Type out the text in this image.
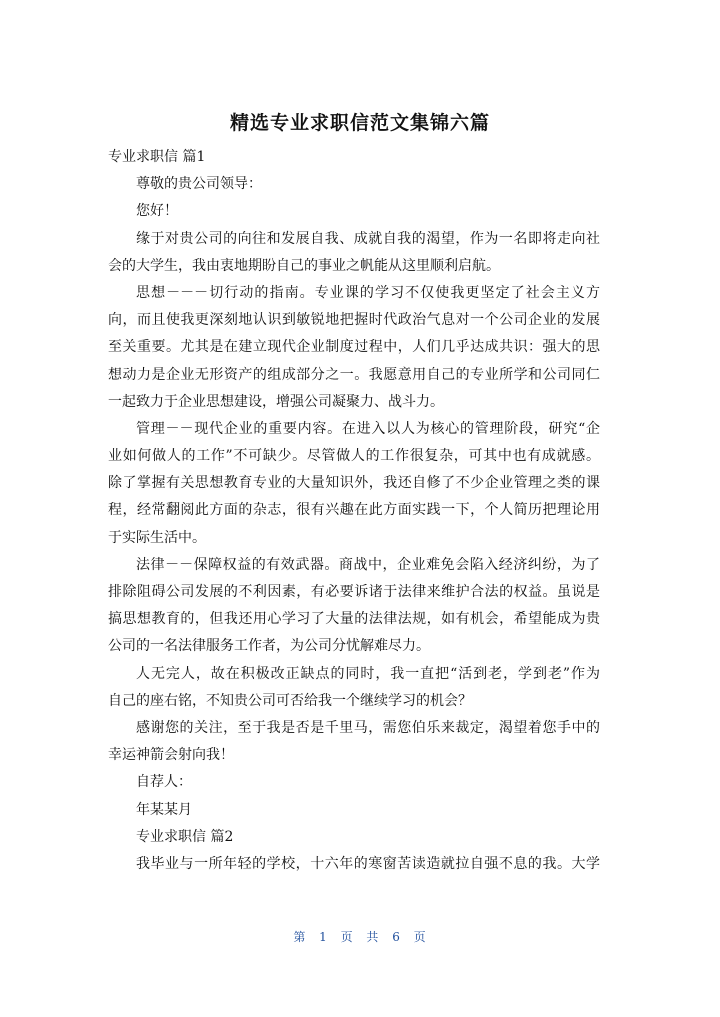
精选专业求职信范文集锦六篇
专业求职信 篇1
尊敬的贵公司领导：
您好！
缘于对贵公司的向往和发展自我、成就自我的渴望，作为一名即将走向社
会的大学生，我由衷地期盼自己的事业之帆能从这里顺利启航。
思想－－－切行动的指南。专业课的学习不仅使我更坚定了社会主义方
向，而且使我更深刻地认识到敏锐地把握时代政治气息对一个公司企业的发展
至关重要。尤其是在建立现代企业制度过程中，人们几乎达成共识：强大的思
想动力是企业无形资产的组成部分之一。我愿意用自己的专业所学和公司同仁
一起致力于企业思想建设，增强公司凝聚力、战斗力。
管理－－现代企业的重要内容。在进入以人为核心的管理阶段，研究“企
业如何做人的工作”不可缺少。尽管做人的工作很复杂，可其中也有成就感。
除了掌握有关思想教育专业的大量知识外，我还自修了不少企业管理之类的课
程，经常翻阅此方面的杂志，很有兴趣在此方面实践一下，个人简历把理论用
于实际生活中。
法律－－保障权益的有效武器。商战中，企业难免会陷入经济纠纷，为了
排除阻碍公司发展的不利因素，有必要诉诸于法律来维护合法的权益。虽说是
搞思想教育的，但我还用心学习了大量的法律法规，如有机会，希望能成为贵
公司的一名法律服务工作者，为公司分忧解难尽力。
人无完人，故在积极改正缺点的同时，我一直把“活到老，学到老”作为
自己的座右铭，不知贵公司可否给我一个继续学习的机会？
感谢您的关注，至于我是否是千里马，需您伯乐来裁定，渴望着您手中的
幸运神箭会射向我！
自荐人：
年某某月
专业求职信 篇2
我毕业与一所年轻的学校，十六年的寒窗苦读造就拉自强不息的我。大学
第 1 页 共 6 页
